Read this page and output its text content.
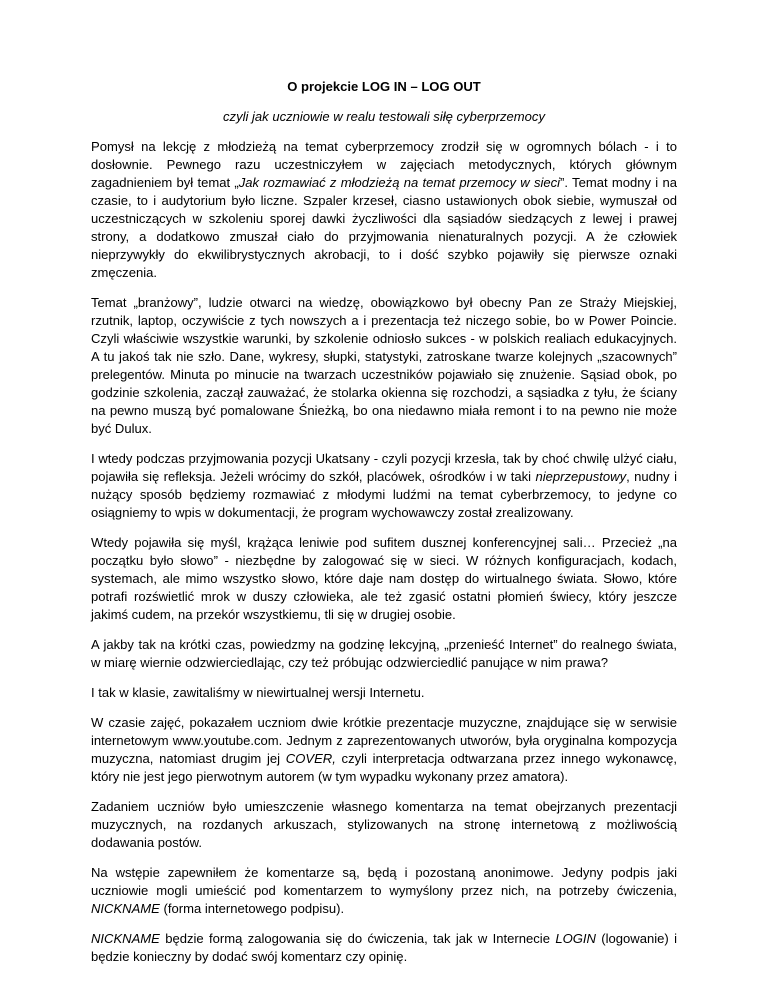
O projekcie LOG IN – LOG OUT
czyli jak uczniowie w realu testowali siłę cyberprzemocy

Pomysł na lekcję z młodzieżą na temat cyberprzemocy zrodził się w ogromnych bólach - i to dosłownie. Pewnego razu uczestniczyłem w zajęciach metodycznych, których głównym zagadnieniem był temat „Jak rozmawiać z młodzieżą na temat przemocy w sieci”. Temat modny i na czasie, to i audytorium było liczne. Szpaler krzeseł, ciasno ustawionych obok siebie, wymuszał od uczestniczących w szkoleniu sporej dawki życzliwości dla sąsiadów siedzących z lewej i prawej strony, a dodatkowo zmuszał ciało do przyjmowania nienaturalnych pozycji. A że człowiek nieprzywykły do ekwilibrystycznych akrobacji, to i dość szybko pojawiły się pierwsze oznaki zmęczenia.

Temat „branżowy”, ludzie otwarci na wiedzę, obowiązkowo był obecny Pan ze Straży Miejskiej, rzutnik, laptop, oczywiście z tych nowszych a i prezentacja też niczego sobie, bo w Power Poincie. Czyli właściwie wszystkie warunki, by szkolenie odniosło sukces - w polskich realiach edukacyjnych. A tu jakoś tak nie szło. Dane, wykresy, słupki, statystyki, zatroskane twarze kolejnych „szacownych” prelegentów. Minuta po minucie na twarzach uczestników pojawiało się znużenie. Sąsiad obok, po godzinie szkolenia, zaczął zauważać, że stolarka okienna się rozchodzi, a sąsiadka z tyłu, że ściany na pewno muszą być pomalowane Śnieżką, bo ona niedawno miała remont i to na pewno nie może być Dulux.

I wtedy podczas przyjmowania pozycji Ukatsany - czyli pozycji krzesła, tak by choć chwilę ulżyć ciału, pojawiła się refleksja. Jeżeli wrócimy do szkół, placówek, ośrodków i w taki nieprzepustowy, nudny i nużący sposób będziemy rozmawiać z młodymi ludźmi na temat cyberbrzemocy, to jedyne co osiągniemy to wpis w dokumentacji, że program wychowawczy został zrealizowany.

Wtedy pojawiła się myśl, krążąca leniwie pod sufitem dusznej konferencyjnej sali… Przecież „na początku było słowo” - niezbędne by zalogować się w sieci. W różnych konfiguracjach, kodach, systemach, ale mimo wszystko słowo, które daje nam dostęp do wirtualnego świata. Słowo, które potrafi rozświetlić mrok w duszy człowieka, ale też zgasić ostatni płomień świecy, który jeszcze jakimś cudem, na przekór wszystkiemu, tli się w drugiej osobie.

A jakby tak na krótki czas, powiedzmy na godzinę lekcyjną, „przenieść Internet” do realnego świata, w miarę wiernie odzwierciedlając, czy też próbując odzwierciedlić panujące w nim prawa?

I tak w klasie, zawitaliśmy w niewirtualnej wersji Internetu.

W czasie zajęć, pokazałem uczniom dwie krótkie prezentacje muzyczne, znajdujące się w serwisie internetowym www.youtube.com. Jednym z zaprezentowanych utworów, była oryginalna kompozycja muzyczna, natomiast drugim jej COVER, czyli interpretacja odtwarzana przez innego wykonawcę, który nie jest jego pierwotnym autorem (w tym wypadku wykonany przez amatora).

Zadaniem uczniów było umieszczenie własnego komentarza na temat obejrzanych prezentacji muzycznych, na rozdanych arkuszach, stylizowanych na stronę internetową z możliwością dodawania postów.

Na wstępie zapewniłem że komentarze są, będą i pozostaną anonimowe. Jedyny podpis jaki uczniowie mogli umieścić pod komentarzem to wymyślony przez nich, na potrzeby ćwiczenia, NICKNAME (forma internetowego podpisu).

NICKNAME będzie formą zalogowania się do ćwiczenia, tak jak w Internecie LOGIN (logowanie) i będzie konieczny by dodać swój komentarz czy opinię.
